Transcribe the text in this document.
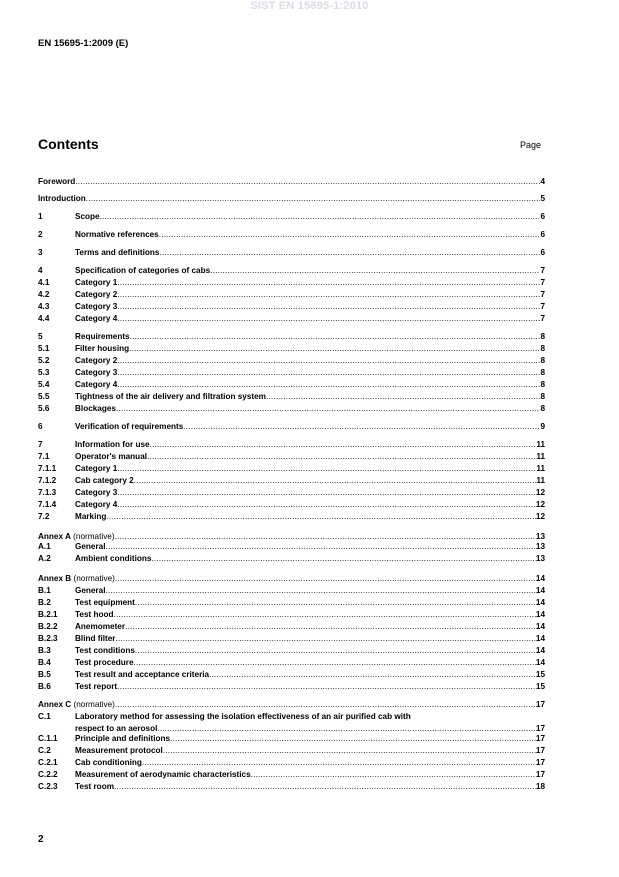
SIST EN 15695-1:2010
EN 15695-1:2009 (E)
Contents	Page
Foreword .....	4
Introduction .....	5
1	Scope .....	6
2	Normative references .....	6
3	Terms and definitions .....	6
4	Specification of categories of cabs .....	7
4.1	Category 1 .....	7
4.2	Category 2 .....	7
4.3	Category 3 .....	7
4.4	Category 4 .....	7
5	Requirements .....	8
5.1	Filter housing .....	8
5.2	Category 2 .....	8
5.3	Category 3 .....	8
5.4	Category 4 .....	8
5.5	Tightness of the air delivery and filtration system .....	8
5.6	Blockages .....	8
6	Verification of requirements .....	9
7	Information for use .....	11
7.1	Operator's manual .....	11
7.1.1	Category 1 .....	11
7.1.2	Cab category 2 .....	11
7.1.3	Category 3 .....	12
7.1.4	Category 4 .....	12
7.2	Marking .....	12
Annex A (normative) .....	13
A.1	General .....	13
A.2	Ambient conditions .....	13
Annex B (normative) .....	14
B.1	General .....	14
B.2	Test equipment .....	14
B.2.1	Test hood .....	14
B.2.2	Anemometer .....	14
B.2.3	Blind filter .....	14
B.3	Test conditions .....	14
B.4	Test procedure .....	14
B.5	Test result and acceptance criteria .....	15
B.6	Test report .....	15
Annex C (normative) .....	17
C.1	Laboratory method for assessing the isolation effectiveness of an air purified cab with
respect to an aerosol .....	17
C.1.1	Principle and definitions .....	17
C.2	Measurement protocol .....	17
C.2.1	Cab conditioning .....	17
C.2.2	Measurement of aerodynamic characteristics .....	17
C.2.3	Test room .....	18
2
